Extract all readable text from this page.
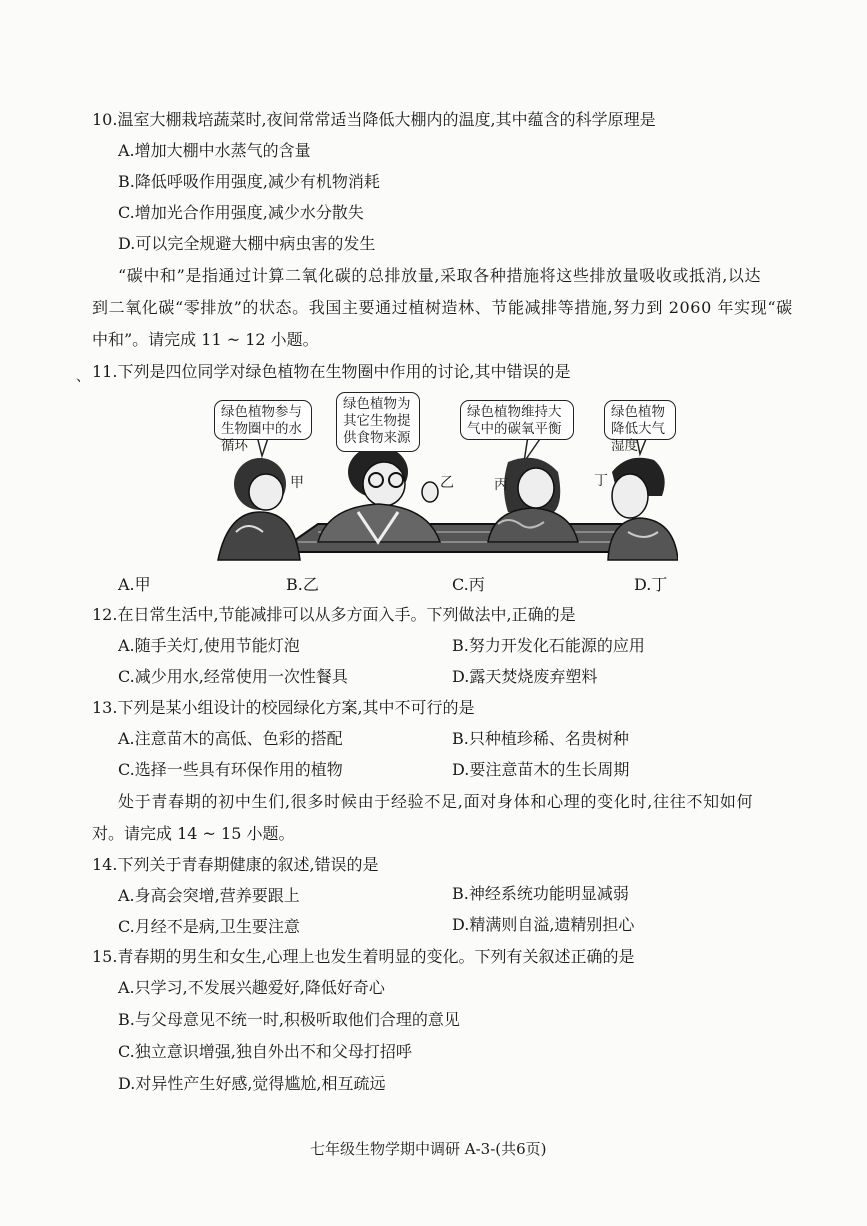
10.温室大棚栽培蔬菜时,夜间常常适当降低大棚内的温度,其中蕴含的科学原理是
A.增加大棚中水蒸气的含量
B.降低呼吸作用强度,减少有机物消耗
C.增加光合作用强度,减少水分散失
D.可以完全规避大棚中病虫害的发生
“碳中和”是指通过计算二氧化碳的总排放量,采取各种措施将这些排放量吸收或抵消,以达
到二氧化碳“零排放”的状态。我国主要通过植树造林、节能减排等措施,努力到 2060 年实现“碳
中和”。请完成 11 ~ 12 小题。
、 11.下列是四位同学对绿色植物在生物圈中作用的讨论,其中错误的是
绿色植物参与生物圈中的水循环
绿色植物为其它生物提供食物来源
绿色植物维持大气中的碳氧平衡
绿色植物降低大气湿度
甲	乙	丙	丁
A.甲	B.乙	C.丙	D.丁
12.在日常生活中,节能减排可以从多方面入手。下列做法中,正确的是
A.随手关灯,使用节能灯泡	B.努力开发化石能源的应用
C.减少用水,经常使用一次性餐具	D.露天焚烧废弃塑料
13.下列是某小组设计的校园绿化方案,其中不可行的是
A.注意苗木的高低、色彩的搭配	B.只种植珍稀、名贵树种
C.选择一些具有环保作用的植物	D.要注意苗木的生长周期
处于青春期的初中生们,很多时候由于经验不足,面对身体和心理的变化时,往往不知如何
对。请完成 14 ~ 15 小题。
14.下列关于青春期健康的叙述,错误的是
A.身高会突增,营养要跟上	B.神经系统功能明显减弱
C.月经不是病,卫生要注意	D.精满则自溢,遗精别担心
15.青春期的男生和女生,心理上也发生着明显的变化。下列有关叙述正确的是
A.只学习,不发展兴趣爱好,降低好奇心
B.与父母意见不统一时,积极听取他们合理的意见
C.独立意识增强,独自外出不和父母打招呼
D.对异性产生好感,觉得尴尬,相互疏远
七年级生物学期中调研 A-3-(共6页)
